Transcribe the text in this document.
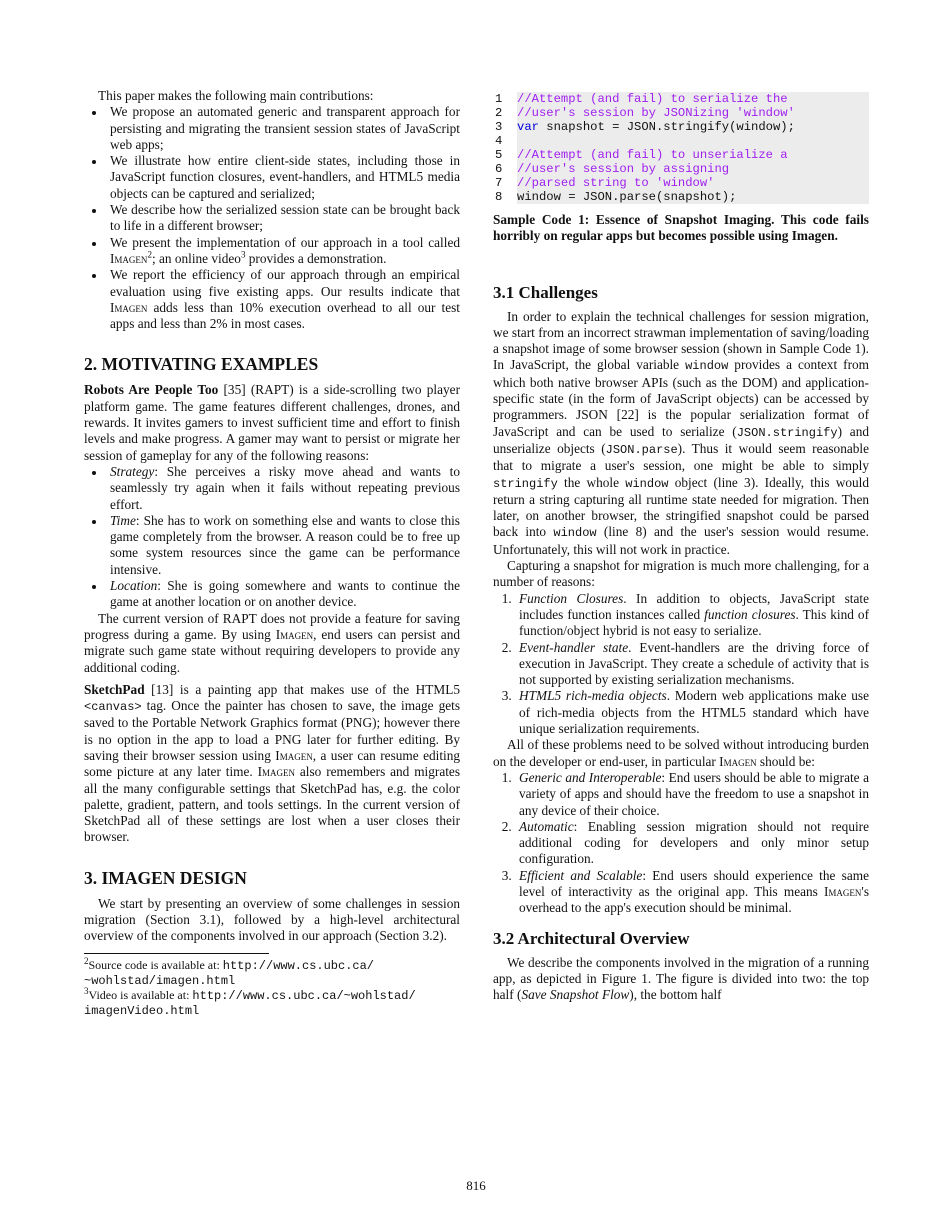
This paper makes the following main contributions:

• We propose an automated generic and transparent approach for persisting and migrating the transient session states of JavaScript web apps;
• We illustrate how entire client-side states, including those in JavaScript function closures, event-handlers, and HTML5 media objects can be captured and serialized;
• We describe how the serialized session state can be brought back to life in a different browser;
• We present the implementation of our approach in a tool called Imagen$^2$; an online video$^3$ provides a demonstration.
• We report the efficiency of our approach through an empirical evaluation using five existing apps. Our results indicate that Imagen adds less than 10% execution overhead to all our test apps and less than 2% in most cases.
2. MOTIVATING EXAMPLES

Robots Are People Too [35] (RAPT) is a side-scrolling two player platform game. The game features different challenges, drones, and rewards. It invites gamers to invest sufficient time and effort to finish levels and make progress. A gamer may want to persist or migrate her session of gameplay for any of the following reasons:

• Strategy: She perceives a risky move ahead and wants to seamlessly try again when it fails without repeating previous effort.
• Time: She has to work on something else and wants to close this game completely from the browser. A reason could be to free up some system resources since the game can be performance intensive.
• Location: She is going somewhere and wants to continue the game at another location or on another device.

The current version of RAPT does not provide a feature for saving progress during a game. By using Imagen, end users can persist and migrate such game state without requiring developers to provide any additional coding.

SketchPad [13] is a painting app that makes use of the HTML5 <canvas> tag. Once the painter has chosen to save, the image gets saved to the Portable Network Graphics format (PNG); however there is no option in the app to load a PNG later for further editing. By saving their browser session using Imagen, a user can resume editing some picture at any later time. Imagen also remembers and migrates all the many configurable settings that SketchPad has, e.g. the color palette, gradient, pattern, and tools settings. In the current version of SketchPad all of these settings are lost when a user closes their browser.

3. IMAGEN DESIGN

We start by presenting an overview of some challenges in session migration (Section 3.1), followed by a high-level architectural overview of the components involved in our approach (Section 3.2).

$^2$Source code is available at: http://www.cs.ubc.ca/
~wohlstad/imagen.html
$^3$Video is available at: http://www.cs.ubc.ca/~wohlstad/
imagenVideo.html
1	//Attempt (and fail) to serialize the
2	//user's session by JSONizing 'window'
3	var snapshot = JSON.stringify(window);
4
5	//Attempt (and fail) to unserialize a
6	//user's session by assigning
7	//parsed string to 'window'
8	window = JSON.parse(snapshot);

Sample Code 1: Essence of Snapshot Imaging. This code fails horribly on regular apps but becomes possible using Imagen.

3.1 Challenges

In order to explain the technical challenges for session migration, we start from an incorrect strawman implementation of saving/loading a snapshot image of some browser session (shown in Sample Code 1). In JavaScript, the global variable window provides a context from which both native browser APIs (such as the DOM) and application-specific state (in the form of JavaScript objects) can be accessed by programmers. JSON [22] is the popular serialization format of JavaScript and can be used to serialize (JSON.stringify) and unserialize objects (JSON.parse). Thus it would seem reasonable that to migrate a user's session, one might be able to simply stringify the whole window object (line 3). Ideally, this would return a string capturing all runtime state needed for migration. Then later, on another browser, the stringified snapshot could be parsed back into window (line 8) and the user's session would resume. Unfortunately, this will not work in practice.

Capturing a snapshot for migration is much more challenging, for a number of reasons:

1. Function Closures. In addition to objects, JavaScript state includes function instances called function closures. This kind of function/object hybrid is not easy to serialize.
2. Event-handler state. Event-handlers are the driving force of execution in JavaScript. They create a schedule of activity that is not supported by existing serialization mechanisms.
3. HTML5 rich-media objects. Modern web applications make use of rich-media objects from the HTML5 standard which have unique serialization requirements.

All of these problems need to be solved without introducing burden on the developer or end-user, in particular Imagen should be:

1. Generic and Interoperable: End users should be able to migrate a variety of apps and should have the freedom to use a snapshot in any device of their choice.
2. Automatic: Enabling session migration should not require additional coding for developers and only minor setup configuration.
3. Efficient and Scalable: End users should experience the same level of interactivity as the original app. This means Imagen's overhead to the app's execution should be minimal.
3.2 Architectural Overview

We describe the components involved in the migration of a running app, as depicted in Figure 1. The figure is divided into two: the top half (Save Snapshot Flow), the bottom half

816
